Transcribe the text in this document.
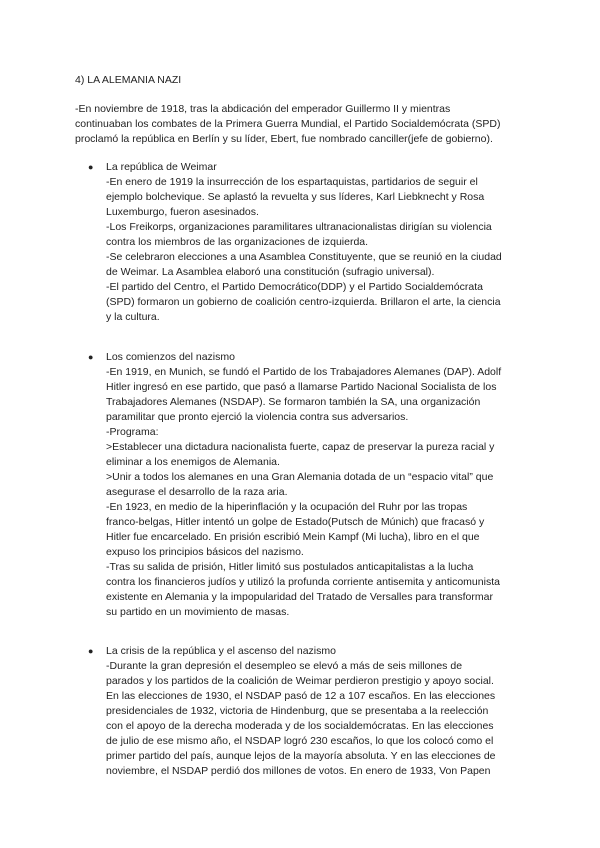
4) LA ALEMANIA NAZI
-En noviembre de 1918, tras la abdicación del emperador Guillermo II y mientras
continuaban los combates de la Primera Guerra Mundial, el Partido Socialdemócrata (SPD)
proclamó la república en Berlín y su líder, Ebert, fue nombrado canciller(jefe de gobierno).
● La república de Weimar
-En enero de 1919 la insurrección de los espartaquistas, partidarios de seguir el
ejemplo bolchevique. Se aplastó la revuelta y sus líderes, Karl Liebknecht y Rosa
Luxemburgo, fueron asesinados.
-Los Freikorps, organizaciones paramilitares ultranacionalistas dirigían su violencia
contra los miembros de las organizaciones de izquierda.
-Se celebraron elecciones a una Asamblea Constituyente, que se reunió en la ciudad
de Weimar. La Asamblea elaboró una constitución (sufragio universal).
-El partido del Centro, el Partido Democrático(DDP) y el Partido Socialdemócrata
(SPD) formaron un gobierno de coalición centro-izquierda. Brillaron el arte, la ciencia
y la cultura.
● Los comienzos del nazismo
-En 1919, en Munich, se fundó el Partido de los Trabajadores Alemanes (DAP). Adolf
Hitler ingresó en ese partido, que pasó a llamarse Partido Nacional Socialista de los
Trabajadores Alemanes (NSDAP). Se formaron también la SA, una organización
paramilitar que pronto ejerció la violencia contra sus adversarios.
-Programa:
>Establecer una dictadura nacionalista fuerte, capaz de preservar la pureza racial y
eliminar a los enemigos de Alemania.
>Unir a todos los alemanes en una Gran Alemania dotada de un “espacio vital” que
asegurase el desarrollo de la raza aria.
-En 1923, en medio de la hiperinflación y la ocupación del Ruhr por las tropas
franco-belgas, Hitler intentó un golpe de Estado(Putsch de Múnich) que fracasó y
Hitler fue encarcelado. En prisión escribió Mein Kampf (Mi lucha), libro en el que
expuso los principios básicos del nazismo.
-Tras su salida de prisión, Hitler limitó sus postulados anticapitalistas a la lucha
contra los financieros judíos y utilizó la profunda corriente antisemita y anticomunista
existente en Alemania y la impopularidad del Tratado de Versalles para transformar
su partido en un movimiento de masas.
● La crisis de la república y el ascenso del nazismo
-Durante la gran depresión el desempleo se elevó a más de seis millones de
parados y los partidos de la coalición de Weimar perdieron prestigio y apoyo social.
En las elecciones de 1930, el NSDAP pasó de 12 a 107 escaños. En las elecciones
presidenciales de 1932, victoria de Hindenburg, que se presentaba a la reelección
con el apoyo de la derecha moderada y de los socialdemócratas. En las elecciones
de julio de ese mismo año, el NSDAP logró 230 escaños, lo que los colocó como el
primer partido del país, aunque lejos de la mayoría absoluta. Y en las elecciones de
noviembre, el NSDAP perdió dos millones de votos. En enero de 1933, Von Papen
